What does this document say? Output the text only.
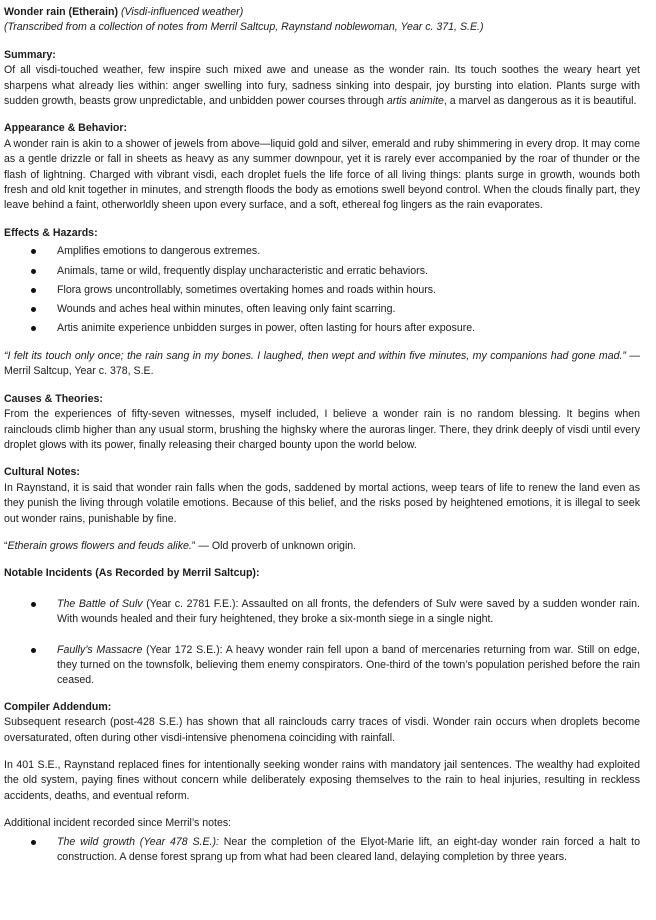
Wonder rain (Etherain) (Visdi-influenced weather)

(Transcribed from a collection of notes from Merril Saltcup, Raynstand noblewoman, Year c. 371, S.E.)

Summary:

Of all visdi-touched weather, few inspire such mixed awe and unease as the wonder rain. Its touch soothes the weary heart yet sharpens what already lies within: anger swelling into fury, sadness sinking into despair, joy bursting into elation. Plants surge with sudden growth, beasts grow unpredictable, and unbidden power courses through artis animite, a marvel as dangerous as it is beautiful.

Appearance & Behavior:

A wonder rain is akin to a shower of jewels from above—liquid gold and silver, emerald and ruby shimmering in every drop. It may come as a gentle drizzle or fall in sheets as heavy as any summer downpour, yet it is rarely ever accompanied by the roar of thunder or the flash of lightning. Charged with vibrant visdi, each droplet fuels the life force of all living things: plants surge in growth, wounds both fresh and old knit together in minutes, and strength floods the body as emotions swell beyond control. When the clouds finally part, they leave behind a faint, otherworldly sheen upon every surface, and a soft, ethereal fog lingers as the rain evaporates.

Effects & Hazards:

Amplifies emotions to dangerous extremes.
Animals, tame or wild, frequently display uncharacteristic and erratic behaviors.
Flora grows uncontrollably, sometimes overtaking homes and roads within hours.
Wounds and aches heal within minutes, often leaving only faint scarring.
Artis animite experience unbidden surges in power, often lasting for hours after exposure.

“I felt its touch only once; the rain sang in my bones. I laughed, then wept and within five minutes, my companions had gone mad.” — Merril Saltcup, Year c. 378, S.E.

Causes & Theories:

From the experiences of fifty-seven witnesses, myself included, I believe a wonder rain is no random blessing. It begins when rainclouds climb higher than any usual storm, brushing the highsky where the auroras linger. There, they drink deeply of visdi until every droplet glows with its power, finally releasing their charged bounty upon the world below.

Cultural Notes:

In Raynstand, it is said that wonder rain falls when the gods, saddened by mortal actions, weep tears of life to renew the land even as they punish the living through volatile emotions. Because of this belief, and the risks posed by heightened emotions, it is illegal to seek out wonder rains, punishable by fine.

“Etherain grows flowers and feuds alike.” — Old proverb of unknown origin.

Notable Incidents (As Recorded by Merril Saltcup):

The Battle of Sulv (Year c. 2781 F.E.): Assaulted on all fronts, the defenders of Sulv were saved by a sudden wonder rain. With wounds healed and their fury heightened, they broke a six-month siege in a single night.
Faully’s Massacre (Year 172 S.E.): A heavy wonder rain fell upon a band of mercenaries returning from war. Still on edge, they turned on the townsfolk, believing them enemy conspirators. One-third of the town’s population perished before the rain ceased.

Compiler Addendum:

Subsequent research (post-428 S.E.) has shown that all rainclouds carry traces of visdi. Wonder rain occurs when droplets become oversaturated, often during other visdi-intensive phenomena coinciding with rainfall.

In 401 S.E., Raynstand replaced fines for intentionally seeking wonder rains with mandatory jail sentences. The wealthy had exploited the old system, paying fines without concern while deliberately exposing themselves to the rain to heal injuries, resulting in reckless accidents, deaths, and eventual reform.

Additional incident recorded since Merril’s notes:

The wild growth (Year 478 S.E.): Near the completion of the Elyot-Marie lift, an eight-day wonder rain forced a halt to construction. A dense forest sprang up from what had been cleared land, delaying completion by three years.
